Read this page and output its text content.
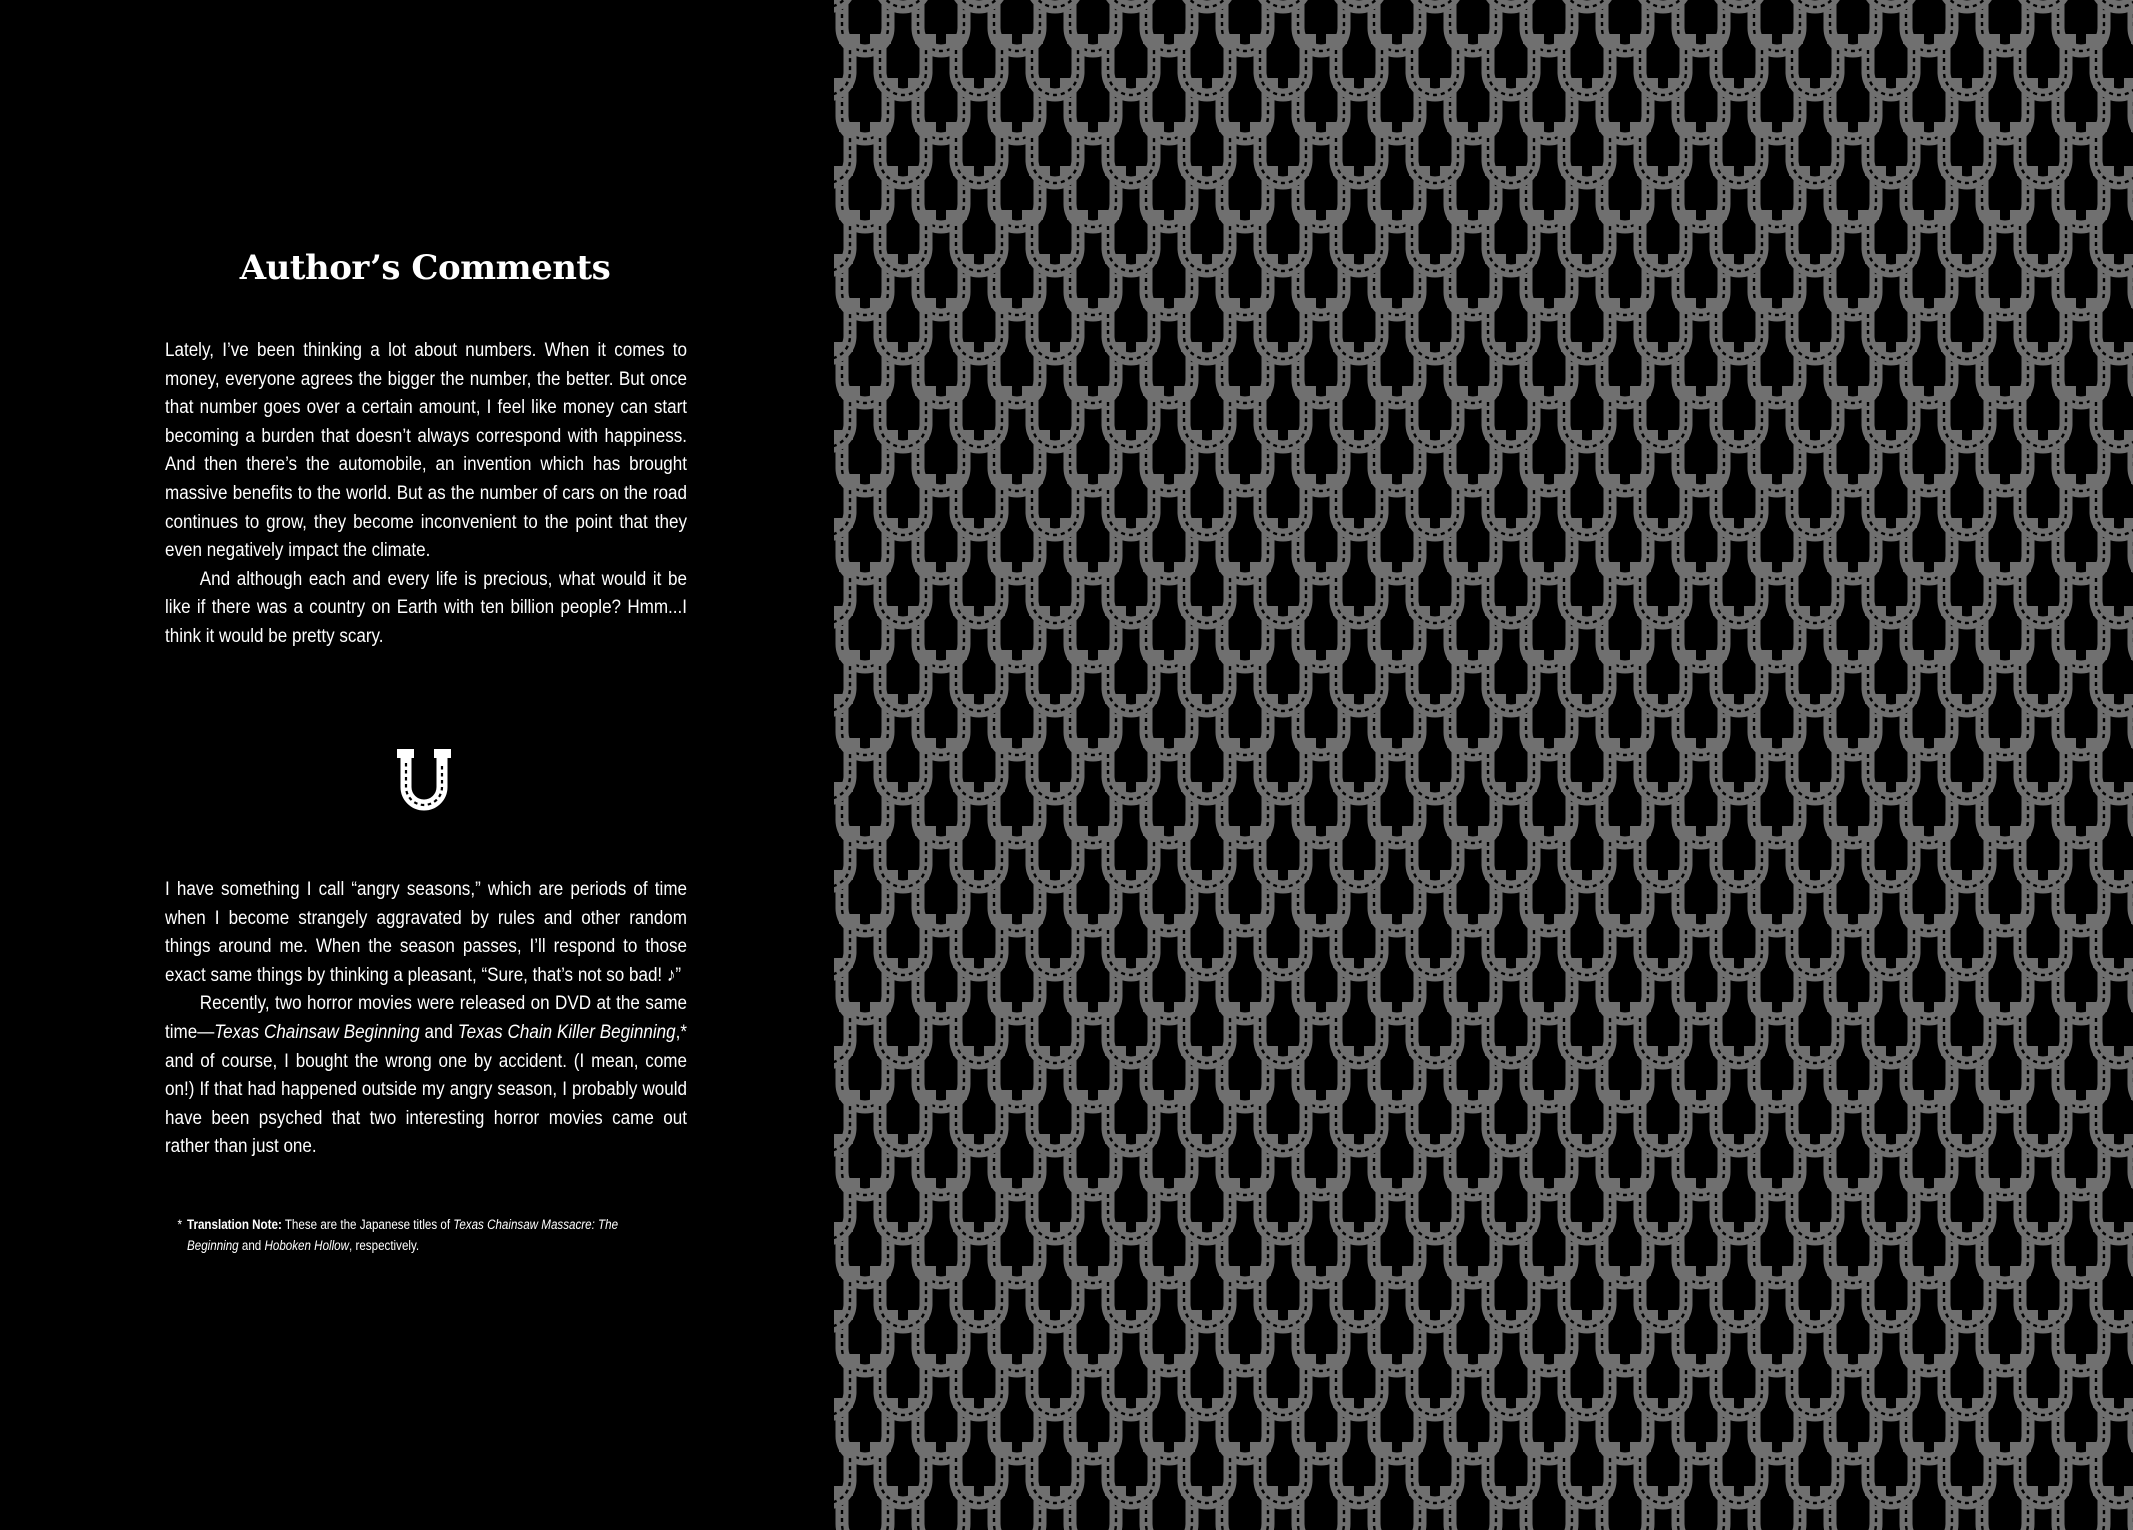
Author’s Comments

Lately, I’ve been thinking a lot about numbers. When it comes to money, everyone agrees the bigger the number, the better. But once that number goes over a certain amount, I feel like money can start becoming a burden that doesn’t always correspond with happiness. And then there’s the automobile, an invention which has brought massive benefits to the world. But as the number of cars on the road continues to grow, they become inconvenient to the point that they even negatively impact the climate.

And although each and every life is precious, what would it be like if there was a country on Earth with ten billion people? Hmm...I think it would be pretty scary.

I have something I call “angry seasons,” which are periods of time when I become strangely aggravated by rules and other random things around me. When the season passes, I’ll respond to those exact same things by thinking a pleasant, “Sure, that’s not so bad! ♪”

Recently, two horror movies were released on DVD at the same time—Texas Chainsaw Beginning and Texas Chain Killer Beginning,* and of course, I bought the wrong one by accident. (I mean, come on!) If that had happened outside my angry season, I probably would have been psyched that two interesting horror movies came out rather than just one.

* Translation Note: These are the Japanese titles of Texas Chainsaw Massacre: The Beginning and Hoboken Hollow, respectively.
